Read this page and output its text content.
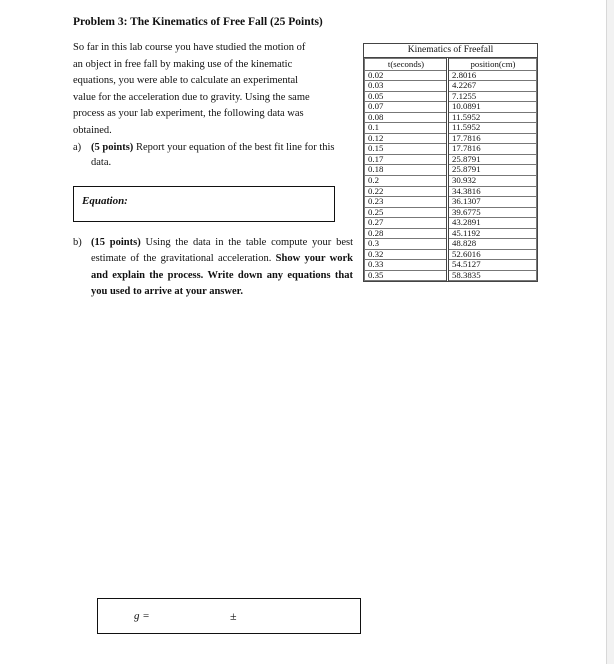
Problem 3: The Kinematics of Free Fall (25 Points)
So far in this lab course you have studied the motion of
an object in free fall by making use of the kinematic
equations, you were able to calculate an experimental
value for the acceleration due to gravity. Using the same
process as your lab experiment, the following data was
obtained.
a) (5 points) Report your equation of the best fit line for this data.
Equation:
b) (15 points) Using the data in the table compute your best estimate of the gravitational acceleration. Show your work and explain the process. Write down any equations that you used to arrive at your answer.
Kinematics of Freefall
t(seconds)	position(cm)
0.02	2.8016
0.03	4.2267
0.05	7.1255
0.07	10.0891
0.08	11.5952
0.1	11.5952
0.12	17.7816
0.15	17.7816
0.17	25.8791
0.18	25.8791
0.2	30.932
0.22	34.3816
0.23	36.1307
0.25	39.6775
0.27	43.2891
0.28	45.1192
0.3	48.828
0.32	52.6016
0.33	54.5127
0.35	58.3835
g =	±
